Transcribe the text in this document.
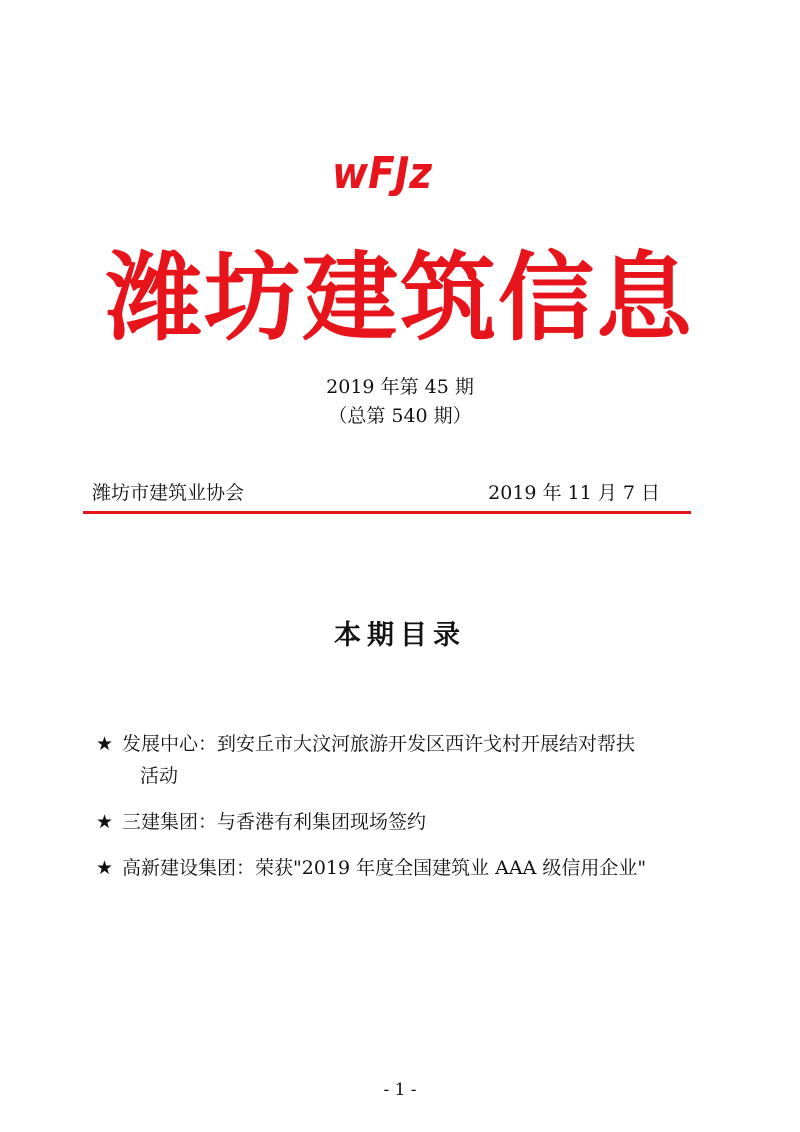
wFJz
潍坊建筑信息
2019 年第 45 期
（总第 540 期）
潍坊市建筑业协会	2019 年 11 月 7 日
本期目录
★ 发展中心：到安丘市大汶河旅游开发区西许戈村开展结对帮扶
活动
★ 三建集团：与香港有利集团现场签约
★ 高新建设集团：荣获"2019 年度全国建筑业 AAA 级信用企业"
- 1 -
